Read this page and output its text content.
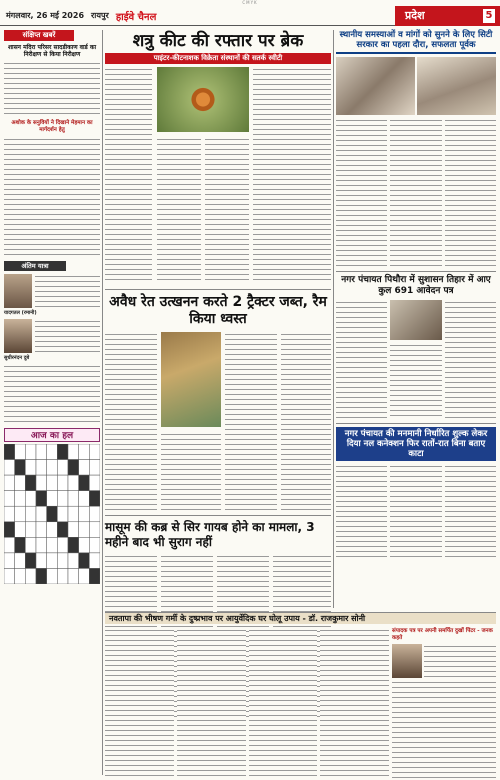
CMYK
मंगलवार, 26 मई 2026 रायपुर हाईवे चैनल	प्रदेश	5
संक्षिप्त खबरें
शासन मदिरा परिसर सादडीकाण वार्ड का निरीक्षण से किया निरीक्षण
अशोक के सनुवियों ने दिखाने मेहमान का मार्गदर्शन हेतु
अंतिम यात्रा
यादगतल (रमानी)
सुधीरनंदन दुबे
आज का हल
शत्रु कीट की रफ्तार पर ब्रेक
पाइंटर-कीटनाशक विक्रेता संस्थानों की सतर्क स्वीटी
अवैध रेत उत्खनन करते 2 ट्रैक्टर जब्त, रैम किया ध्वस्त
मासूम की कब्र से सिर गायब होने का मामला, 3 महीने बाद भी सुराग नहीं
स्थानीय समस्याओं व मांगों को सुनने के लिए सिटी सरकार का पहला दौरा, सफलता पूर्वक
नगर पंचायत पिथौरा में सुशासन तिहार में आए कुल 691 आवेदन पत्र
नगर पंचायत की मनमानी निर्धारित शुल्क लेकर दिया नल कनेक्शन फिर रातों-रात बिना बताए काटा
नवतापा की भीषण गर्मी के दुष्प्रभाव पर आयुर्वेदिक घर घोलू उपाय - डॉ. राजकुमार सोनी
संपादक पत्र पर अपनी समर्पित दुखों पिंटर - जनक कहते
